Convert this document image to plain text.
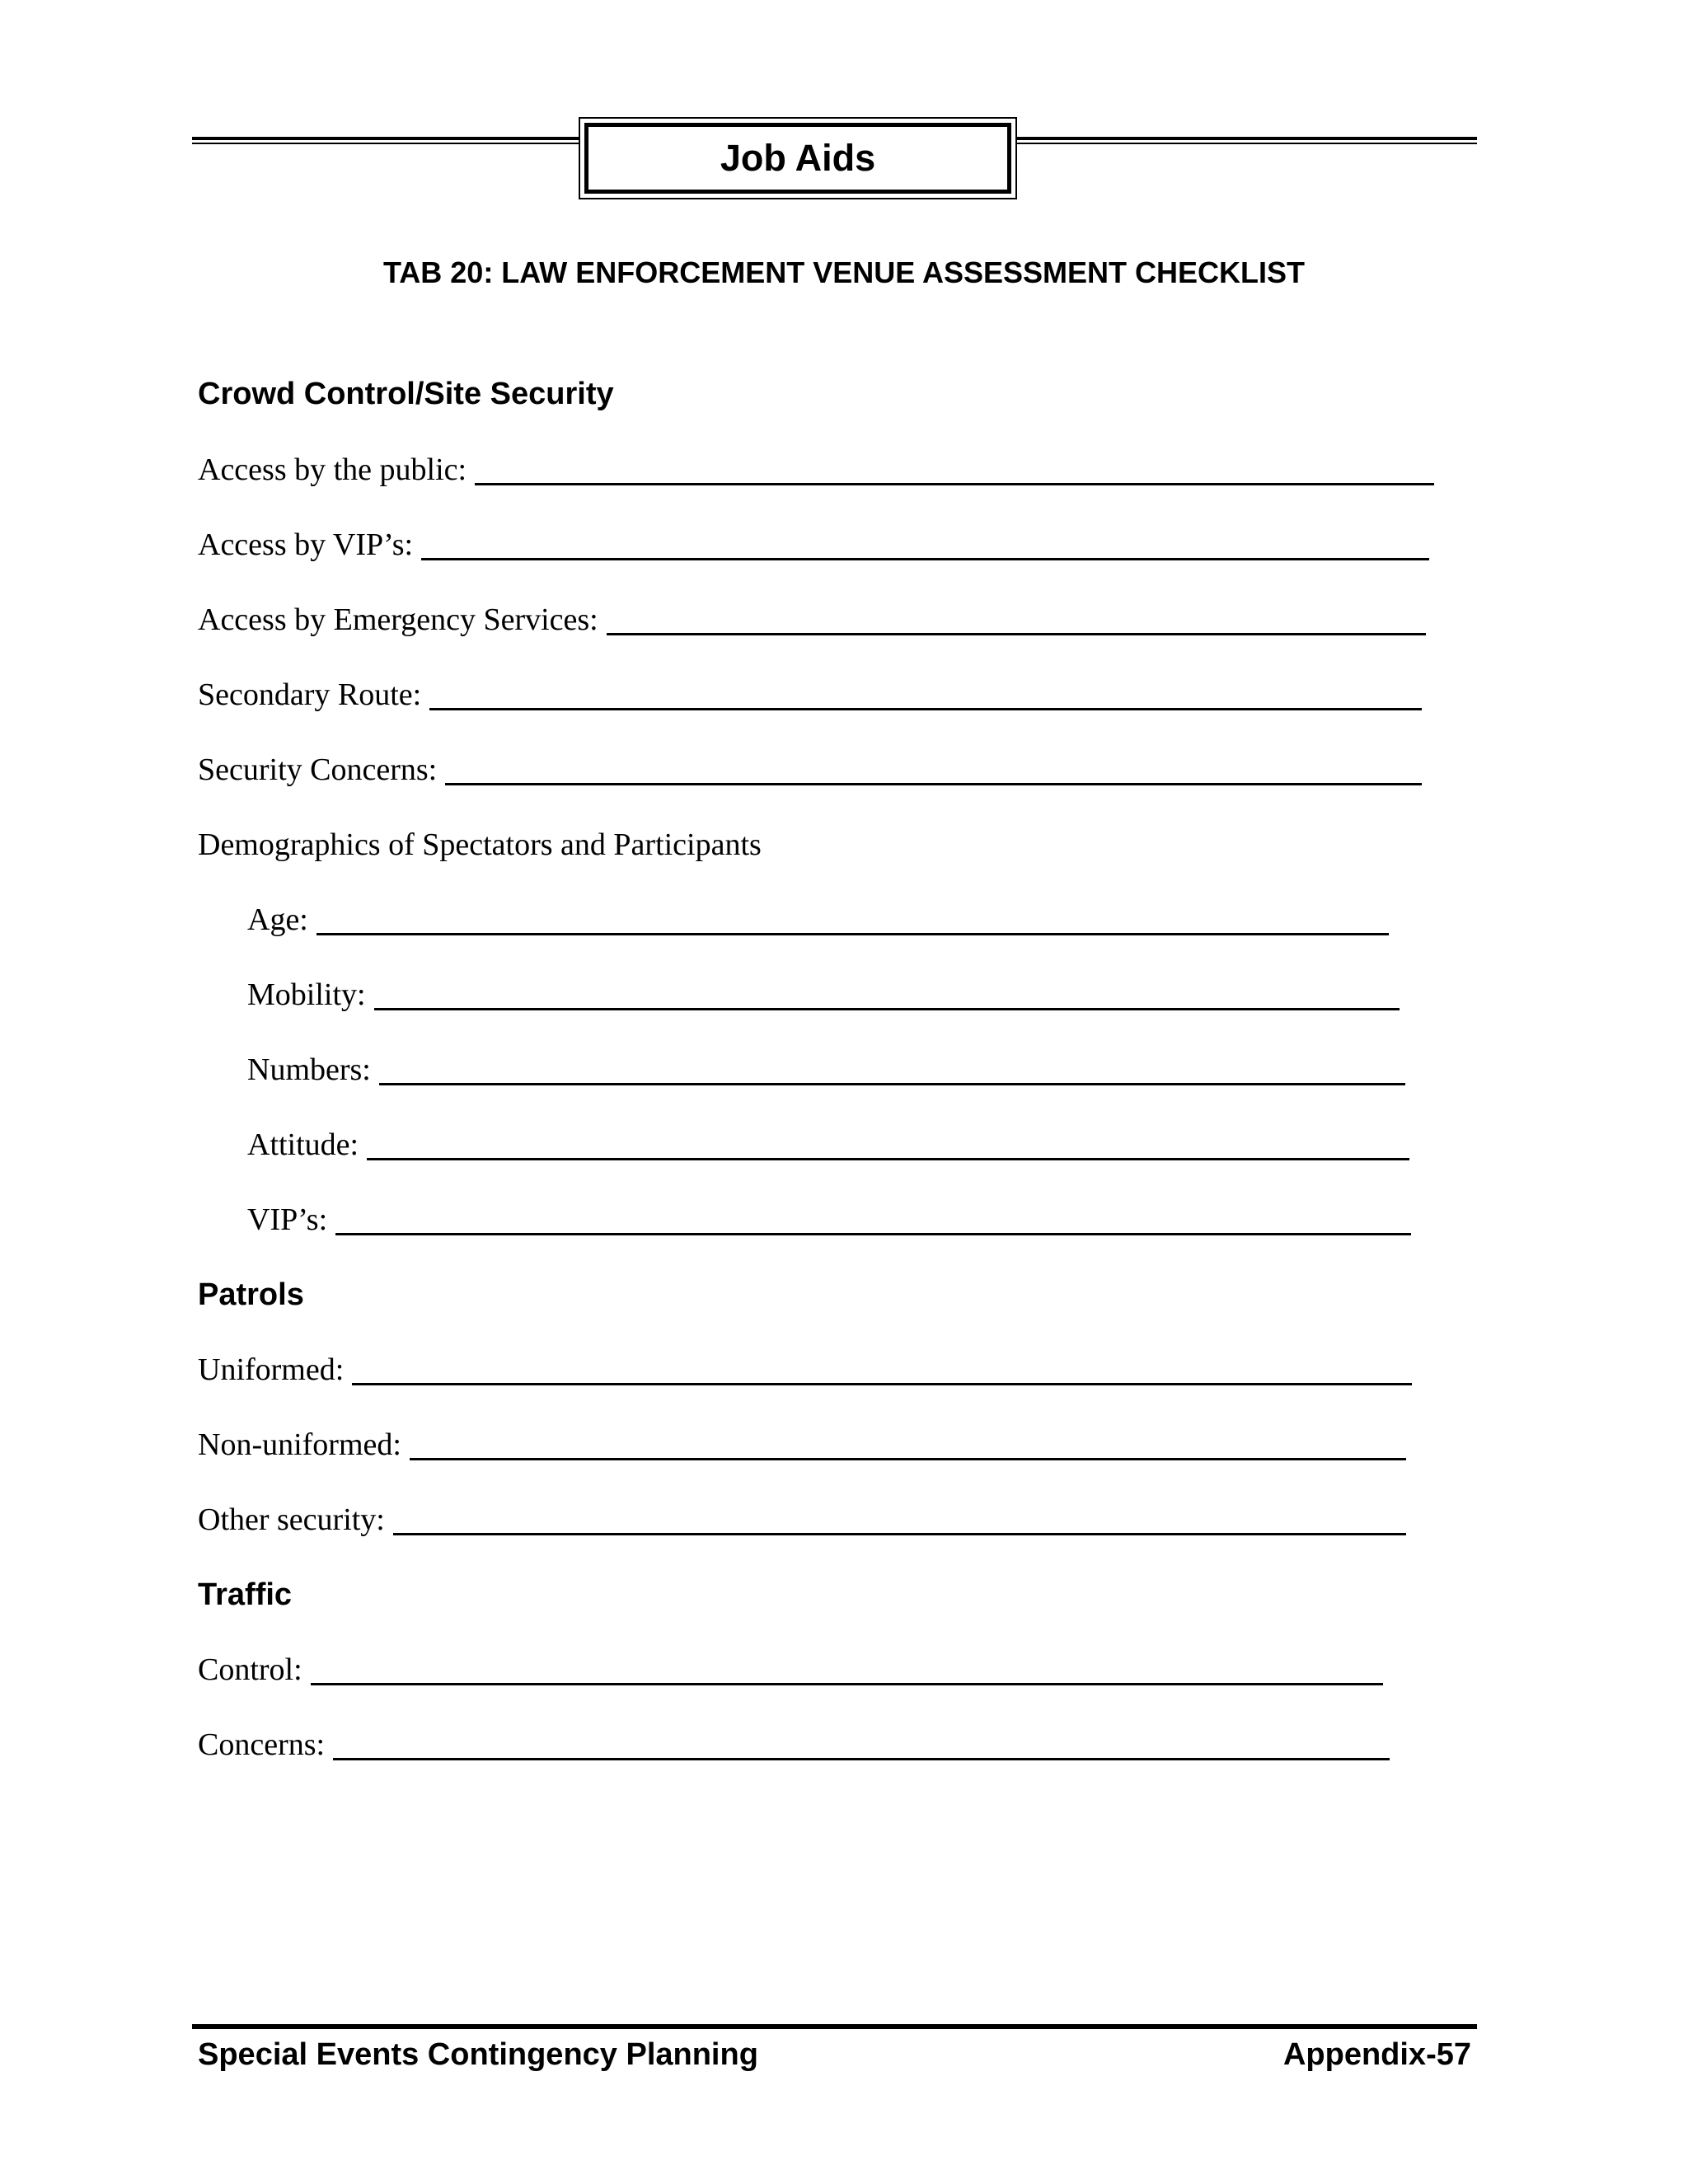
Job Aids
TAB 20: LAW ENFORCEMENT VENUE ASSESSMENT CHECKLIST
Crowd Control/Site Security
Access by the public:
Access by VIP’s:
Access by Emergency Services:
Secondary Route:
Security Concerns:
Demographics of Spectators and Participants
Age:
Mobility:
Numbers:
Attitude:
VIP’s:
Patrols
Uniformed:
Non-uniformed:
Other security:
Traffic
Control:
Concerns:
Special Events Contingency Planning	Appendix-57
